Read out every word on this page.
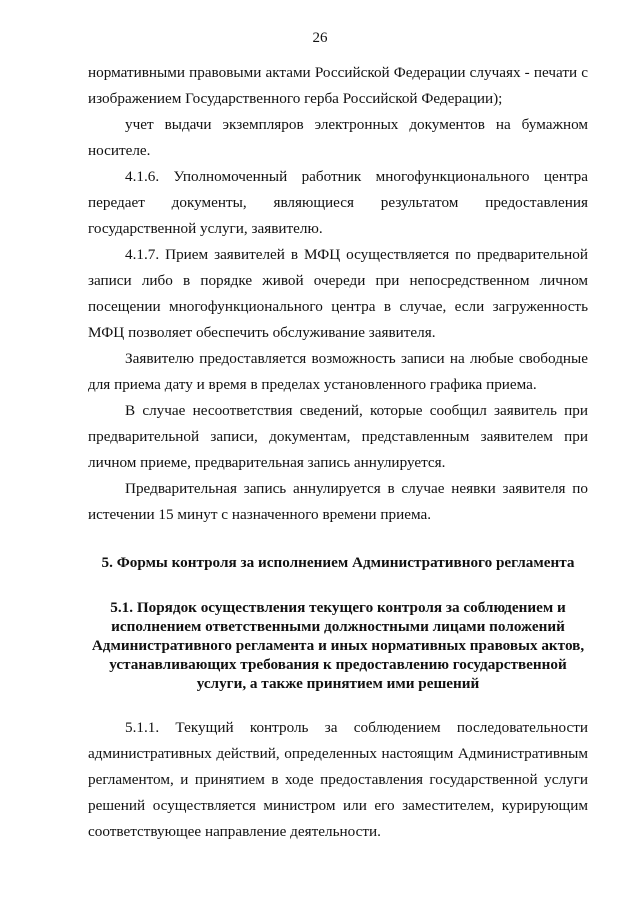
26

нормативными правовыми актами Российской Федерации случаях - печати с изображением Государственного герба Российской Федерации);

учет выдачи экземпляров электронных документов на бумажном носителе.

4.1.6. Уполномоченный работник многофункционального центра передает документы, являющиеся результатом предоставления государственной услуги, заявителю.

4.1.7. Прием заявителей в МФЦ осуществляется по предварительной записи либо в порядке живой очереди при непосредственном личном посещении многофункционального центра в случае, если загруженность МФЦ позволяет обеспечить обслуживание заявителя.

Заявителю предоставляется возможность записи на любые свободные для приема дату и время в пределах установленного графика приема.

В случае несоответствия сведений, которые сообщил заявитель при предварительной записи, документам, представленным заявителем при личном приеме, предварительная запись аннулируется.

Предварительная запись аннулируется в случае неявки заявителя по истечении 15 минут с назначенного времени приема.

5. Формы контроля за исполнением Административного регламента
5.1. Порядок осуществления текущего контроля за соблюдением и
исполнением ответственными должностными лицами положений
Административного регламента и иных нормативных правовых актов,
устанавливающих требования к предоставлению государственной
услуги, а также принятием ими решений

5.1.1. Текущий контроль за соблюдением последовательности административных действий, определенных настоящим Административным регламентом, и принятием в ходе предоставления государственной услуги решений осуществляется министром или его заместителем, курирующим соответствующее направление деятельности.
